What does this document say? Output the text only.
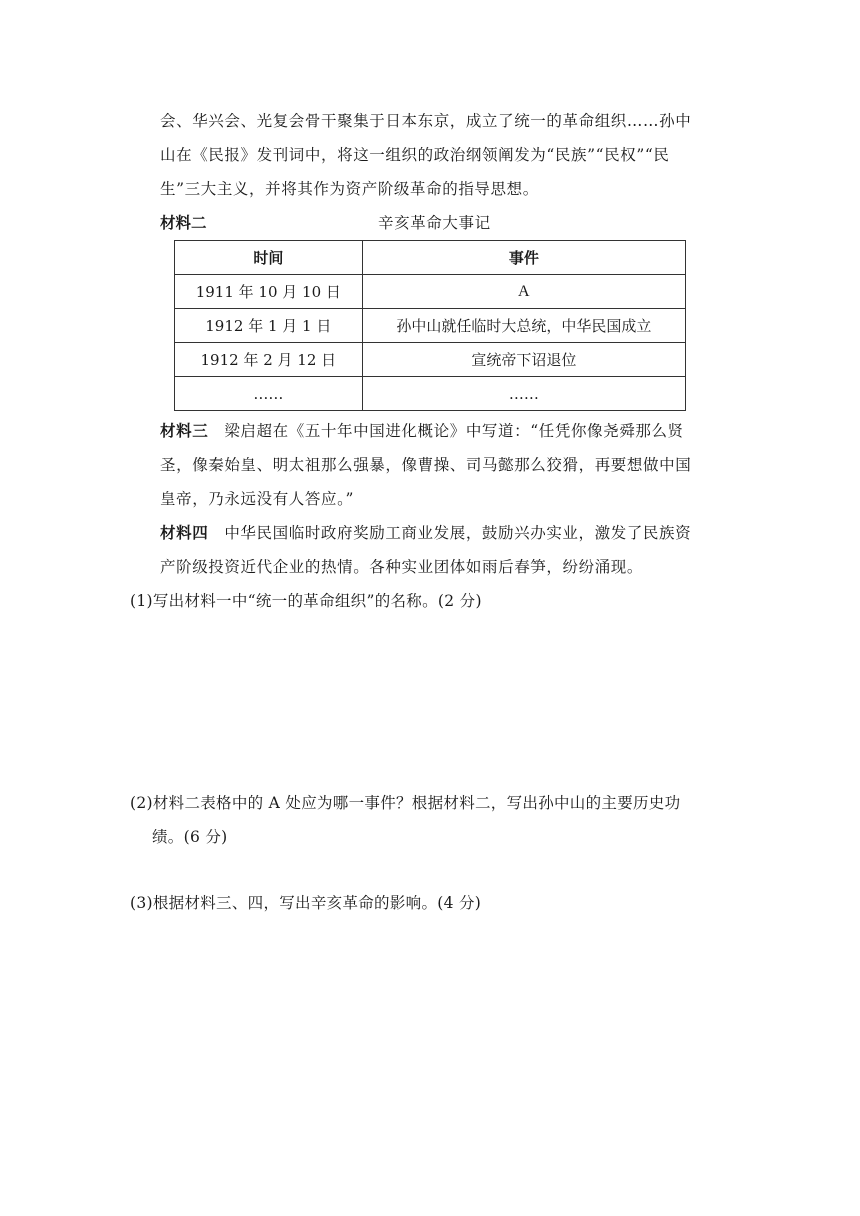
会、华兴会、光复会骨干聚集于日本东京，成立了统一的革命组织……孙中
山在《民报》发刊词中，将这一组织的政治纲领阐发为“民族”“民权”“民
生”三大主义，并将其作为资产阶级革命的指导思想。
材料二	辛亥革命大事记
时间	事件
1911 年 10 月 10 日	A
1912 年 1 月 1 日	孙中山就任临时大总统，中华民国成立
1912 年 2 月 12 日	宣统帝下诏退位
……	……
材料三 梁启超在《五十年中国进化概论》中写道：“任凭你像尧舜那么贤
圣，像秦始皇、明太祖那么强暴，像曹操、司马懿那么狡猾，再要想做中国
皇帝，乃永远没有人答应。”
材料四 中华民国临时政府奖励工商业发展，鼓励兴办实业，激发了民族资
产阶级投资近代企业的热情。各种实业团体如雨后春笋，纷纷涌现。
(1)写出材料一中“统一的革命组织”的名称。(2 分)
(2)材料二表格中的 A 处应为哪一事件？根据材料二，写出孙中山的主要历史功
绩。(6 分)
(3)根据材料三、四，写出辛亥革命的影响。(4 分)
